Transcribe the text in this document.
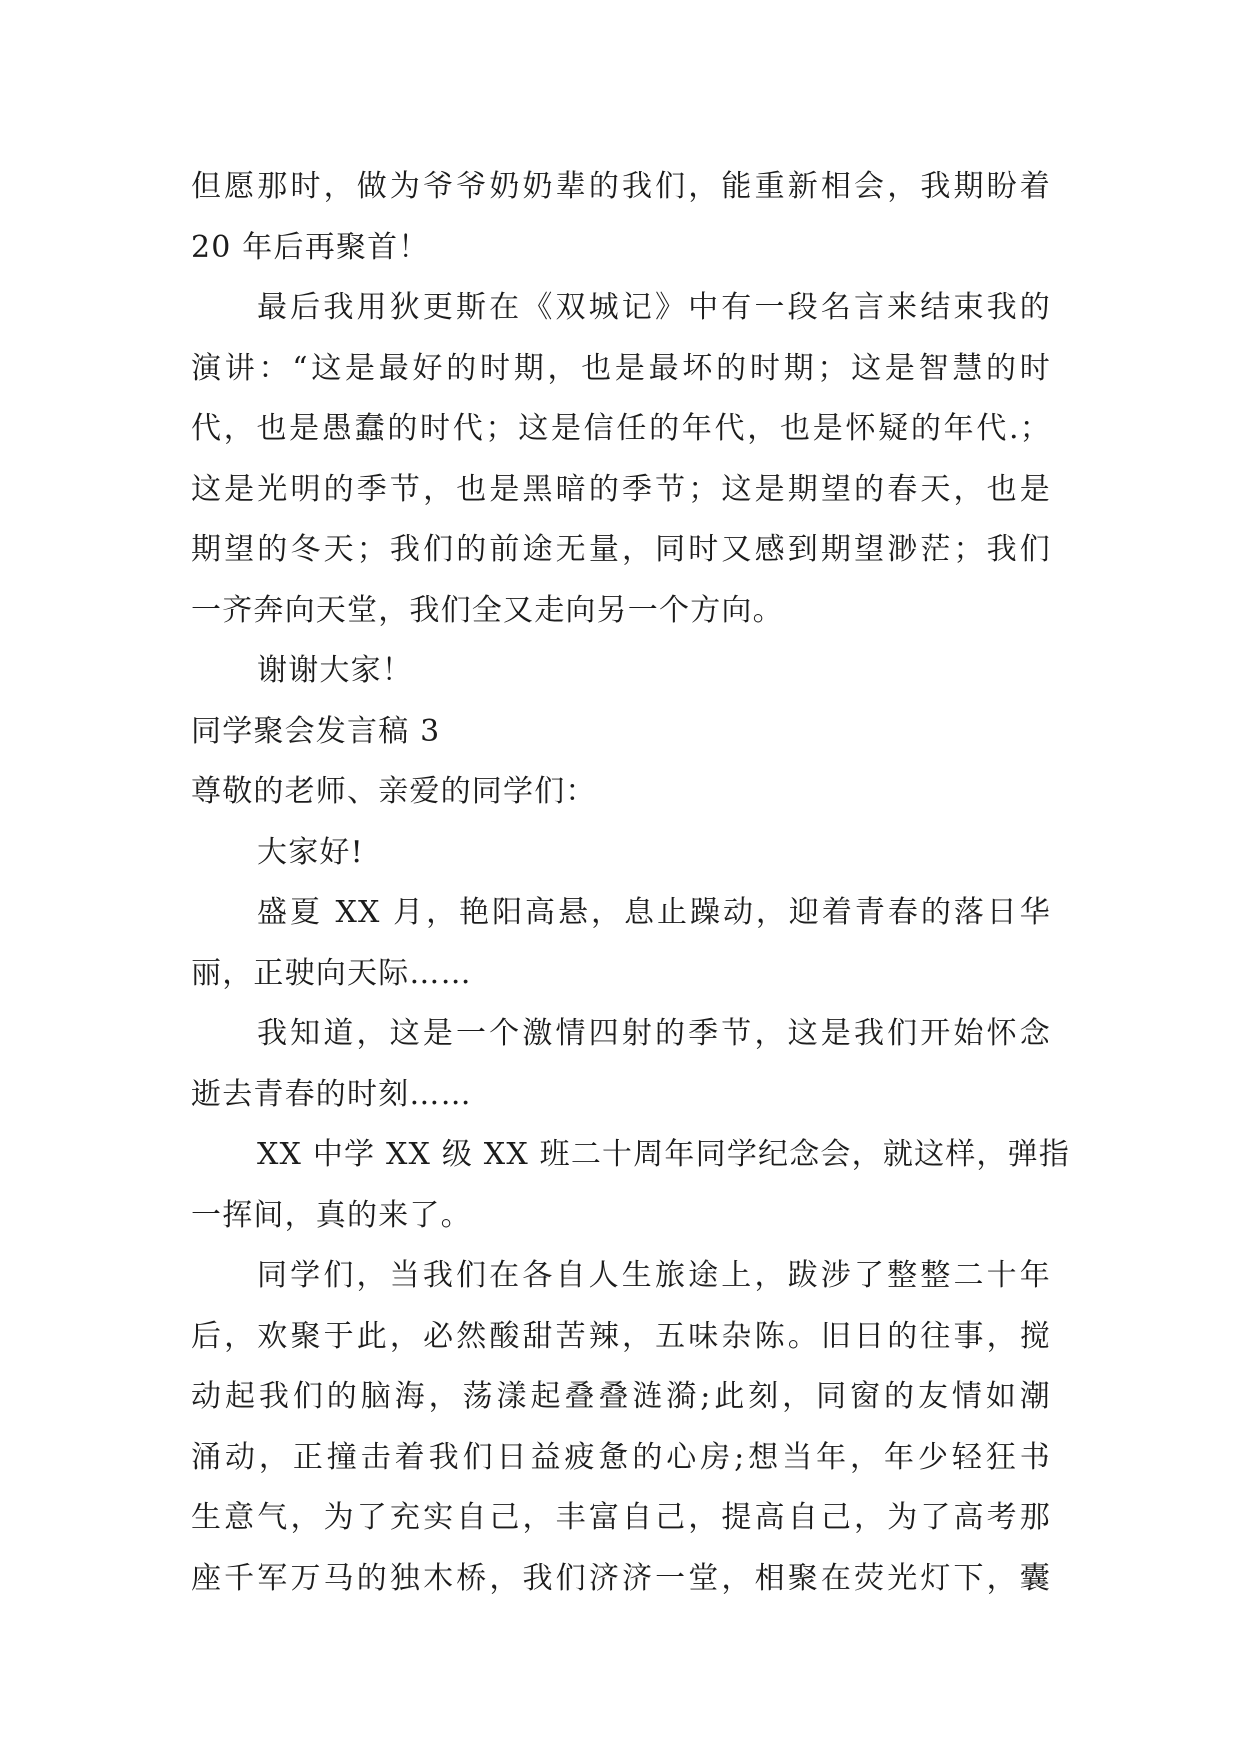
但愿那时，做为爷爷奶奶辈的我们，能重新相会，我期盼着
20 年后再聚首！
最后我用狄更斯在《双城记》中有一段名言来结束我的
演讲：“这是最好的时期，也是最坏的时期；这是智慧的时
代，也是愚蠢的时代；这是信任的年代，也是怀疑的年代.；
这是光明的季节，也是黑暗的季节；这是期望的春天，也是
期望的冬天；我们的前途无量，同时又感到期望渺茫；我们
一齐奔向天堂，我们全又走向另一个方向。
谢谢大家！
同学聚会发言稿 3
尊敬的老师、亲爱的同学们：
大家好!
盛夏 XX 月，艳阳高悬，息止躁动，迎着青春的落日华
丽，正驶向天际……
我知道，这是一个激情四射的季节，这是我们开始怀念
逝去青春的时刻……
XX 中学 XX 级 XX 班二十周年同学纪念会，就这样，弹指
一挥间，真的来了。
同学们，当我们在各自人生旅途上，跋涉了整整二十年
后，欢聚于此，必然酸甜苦辣，五味杂陈。旧日的往事，搅
动起我们的脑海，荡漾起叠叠涟漪;此刻，同窗的友情如潮
涌动，正撞击着我们日益疲惫的心房;想当年，年少轻狂书
生意气，为了充实自己，丰富自己，提高自己，为了高考那
座千军万马的独木桥，我们济济一堂，相聚在荧光灯下，囊
